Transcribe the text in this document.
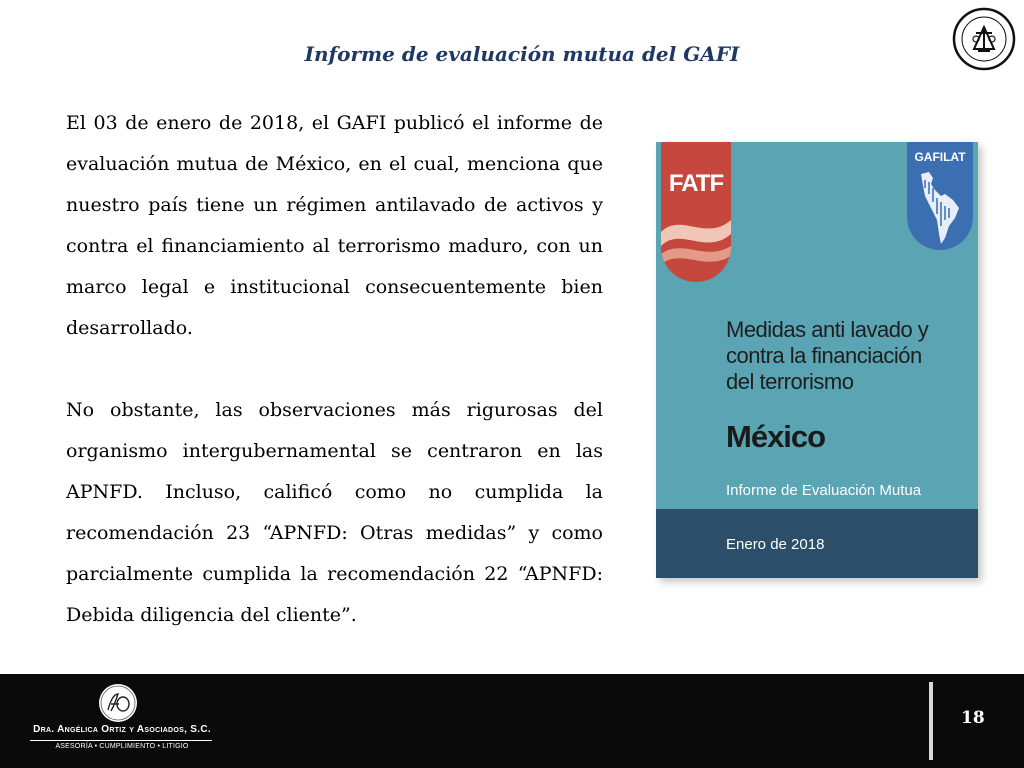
Informe de evaluación mutua del GAFI

El 03 de enero de 2018, el GAFI publicó el informe de evaluación mutua de México, en el cual, menciona que nuestro país tiene un régimen antilavado de activos y contra el financiamiento al terrorismo maduro, con un marco legal e institucional consecuentemente bien desarrollado.

No obstante, las observaciones más rigurosas del organismo intergubernamental se centraron en las APNFD. Incluso, calificó como no cumplida la recomendación 23 “APNFD: Otras medidas” y como parcialmente cumplida la recomendación 22 “APNFD: Debida diligencia del cliente”.

FATF
GAFILAT
Medidas anti lavado y
contra la financiación
del terrorismo
México
Informe de Evaluación Mutua
Enero de 2018
Dra. Angélica Ortiz y Asociados, S.C.
ASESORÍA • CUMPLIMIENTO • LITIGIO
18
